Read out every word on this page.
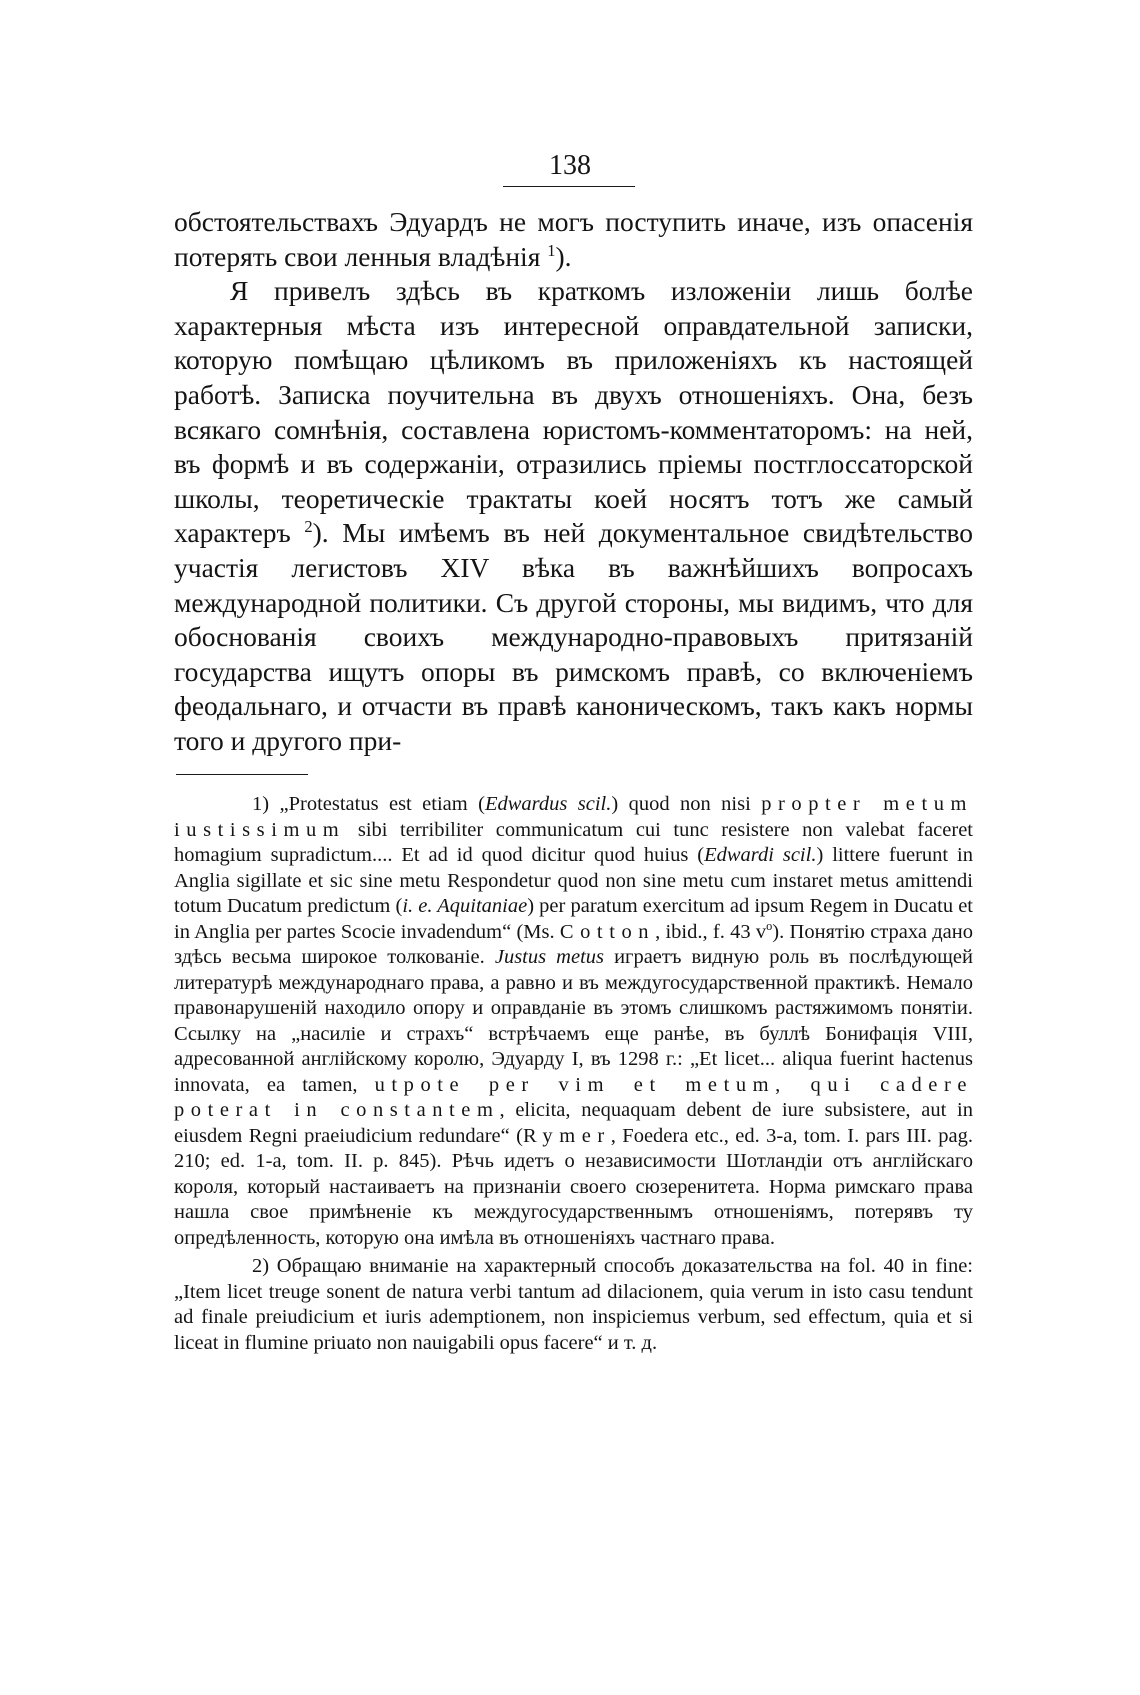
138

обстоятельствахъ Эдуардъ не могъ поступить иначе, изъ опасенія потерять свои ленныя владѣнія $^1$).

Я привелъ здѣсь въ краткомъ изложеніи лишь болѣе характерныя мѣста изъ интересной оправдательной записки, которую помѣщаю цѣликомъ въ приложеніяхъ къ настоящей работѣ. Записка поучительна въ двухъ отношеніяхъ. Она, безъ всякаго сомнѣнія, составлена юристомъ-комментаторомъ: на ней, въ формѣ и въ содержаніи, отразились пріемы постглоссаторской школы, теоретическіе трактаты коей носятъ тотъ же самый характеръ $^2$). Мы имѣемъ въ ней документальное свидѣтельство участія легистовъ XIV вѣка въ важнѣйшихъ вопросахъ международной политики. Съ другой стороны, мы видимъ, что для обоснованія своихъ международно-правовыхъ притязаній государства ищутъ опоры въ римскомъ правѣ, со включеніемъ феодальнаго, и отчасти въ правѣ каноническомъ, такъ какъ нормы того и другого при-

1) „Protestatus est etiam (Edwardus scil.) quod non nisi propter metum iustissimum sibi terribiliter communicatum cui tunc resistere non valebat faceret homagium supradictum.... Et ad id quod dicitur quod huius (Edwardi scil.) littere fuerunt in Anglia sigillate et sic sine metu Respondetur quod non sine metu cum instaret metus amittendi totum Ducatum predictum (i. e. Aquitaniae) per paratum exercitum ad ipsum Regem in Ducatu et in Anglia per partes Scocie invadendum“ (Ms. Cotton, ibid., f. 43 $v^o$). Понятію страха дано здѣсь весьма широкое толкованіе. Justus metus играетъ видную роль въ послѣдующей литературѣ международнаго права, а равно и въ междугосударственной практикѣ. Немало правонарушеній находило опору и оправданіе въ этомъ слишкомъ растяжимомъ понятіи. Ссылку на „насиліе и страхъ“ встрѣчаемъ еще ранѣе, въ буллѣ Бонифація VIII, адресованной англійскому королю, Эдуарду I, въ 1298 г.: „Et licet... aliqua fuerint hactenus innovata, ea tamen, utpote per vim et metum, qui cadere poterat in constantem, elicita, nequaquam debent de iure subsistere, aut in eiusdem Regni praeiudicium redundare“ (Rymer, Foedera etc., ed. 3-a, tom. I. pars III. pag. 210; ed. 1-a, tom. II. p. 845). Рѣчь идетъ о независимости Шотландіи отъ англійскаго короля, который настаиваетъ на признаніи своего сюзеренитета. Норма римскаго права нашла свое примѣненіе къ междугосударственнымъ отношеніямъ, потерявъ ту опредѣленность, которую она имѣла въ отношеніяхъ частнаго права.

2) Обращаю вниманіе на характерный способъ доказательства на fol. 40 in fine: „Item licet treuge sonent de natura verbi tantum ad dilacionem, quia verum in isto casu tendunt ad finale preiudicium et iuris ademptionem, non inspiciemus verbum, sed effectum, quia et si liceat in flumine priuato non nauigabili opus facere“ и т. д.
